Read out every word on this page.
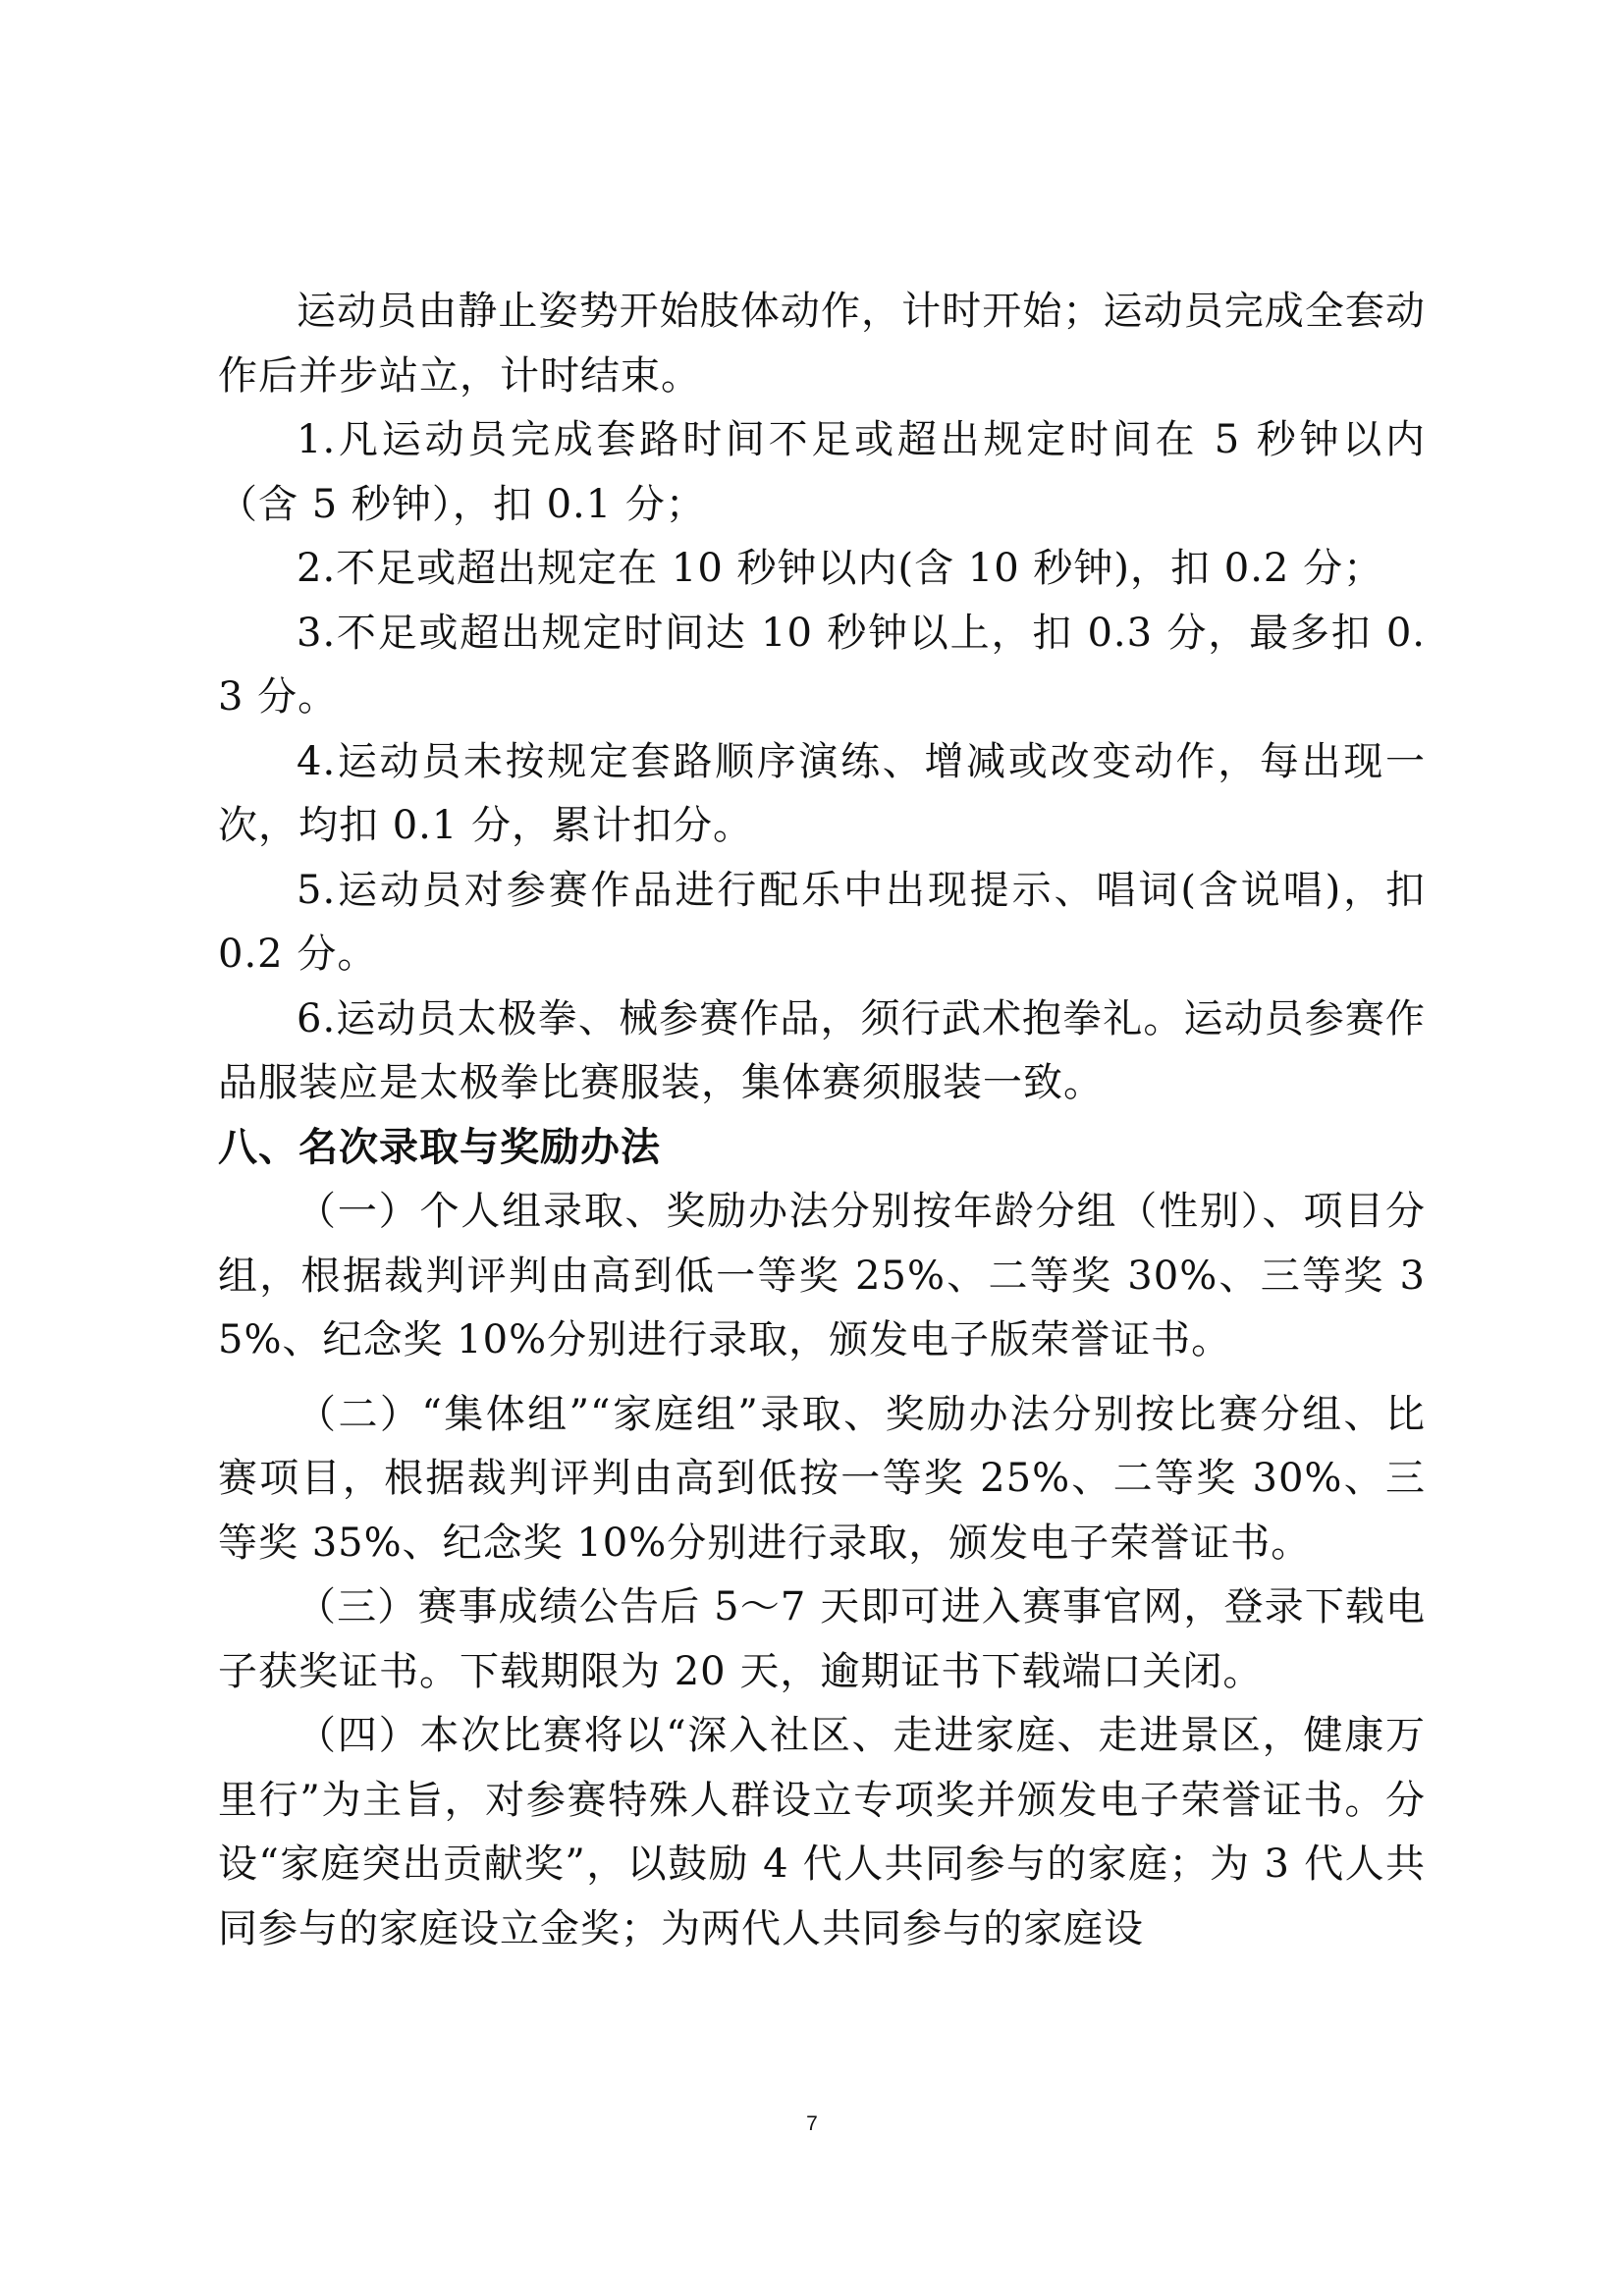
运动员由静止姿势开始肢体动作，计时开始；运动员完成全套动作后并步站立，计时结束。

1.凡运动员完成套路时间不足或超出规定时间在 5 秒钟以内（含 5 秒钟），扣 0.1 分；

2.不足或超出规定在 10 秒钟以内(含 10 秒钟)，扣 0.2 分；

3.不足或超出规定时间达 10 秒钟以上，扣 0.3 分，最多扣 0.3 分。

4.运动员未按规定套路顺序演练、增减或改变动作，每出现一次，均扣 0.1 分，累计扣分。

5.运动员对参赛作品进行配乐中出现提示、唱词(含说唱)，扣 0.2 分。

6.运动员太极拳、械参赛作品，须行武术抱拳礼。运动员参赛作品服装应是太极拳比赛服装，集体赛须服装一致。

八、名次录取与奖励办法

（一）个人组录取、奖励办法分别按年龄分组（性别）、项目分组，根据裁判评判由高到低一等奖 25%、二等奖 30%、三等奖 35%、纪念奖 10%分别进行录取，颁发电子版荣誉证书。

（二）“集体组”“家庭组”录取、奖励办法分别按比赛分组、比赛项目，根据裁判评判由高到低按一等奖 25%、二等奖 30%、三等奖 35%、纪念奖 10%分别进行录取，颁发电子荣誉证书。

（三）赛事成绩公告后 5～7 天即可进入赛事官网，登录下载电子获奖证书。下载期限为 20 天，逾期证书下载端口关闭。

（四）本次比赛将以“深入社区、走进家庭、走进景区，健康万里行”为主旨，对参赛特殊人群设立专项奖并颁发电子荣誉证书。分设“家庭突出贡献奖”，以鼓励 4 代人共同参与的家庭；为 3 代人共同参与的家庭设立金奖；为两代人共同参与的家庭设

7
